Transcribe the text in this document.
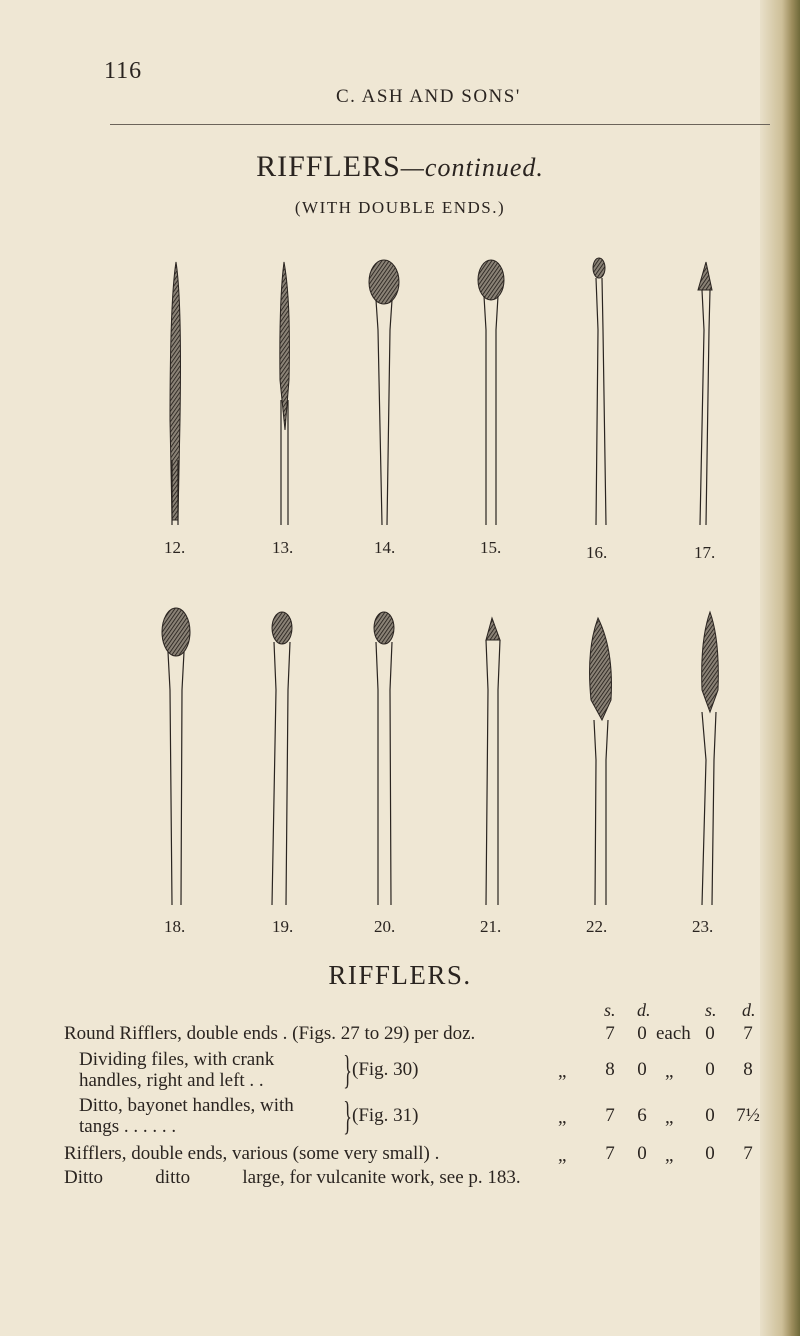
116
C. ASH AND SONS'
RIFFLERS—continued.
(WITH DOUBLE ENDS.)
12.	13.	14.	15.	16.	17.
18.	19.	20.	21.	22.	23.
RIFFLERS.
s. d.	s. d.
Round Rifflers, double ends . (Figs. 27 to 29) per doz.	7	0 each 0	7
Dividing files, with crank
handles, right and left . . } (Fig. 30)	„	8	0 „	0	8
Ditto, bayonet handles, with
tangs . . . . . .	} (Fig. 31)	„	7	6 „	0	7½
Rifflers, double ends, various (some very small) .	„	7	0 „	0	7
Ditto           ditto           large, for vulcanite work, see p. 183.
